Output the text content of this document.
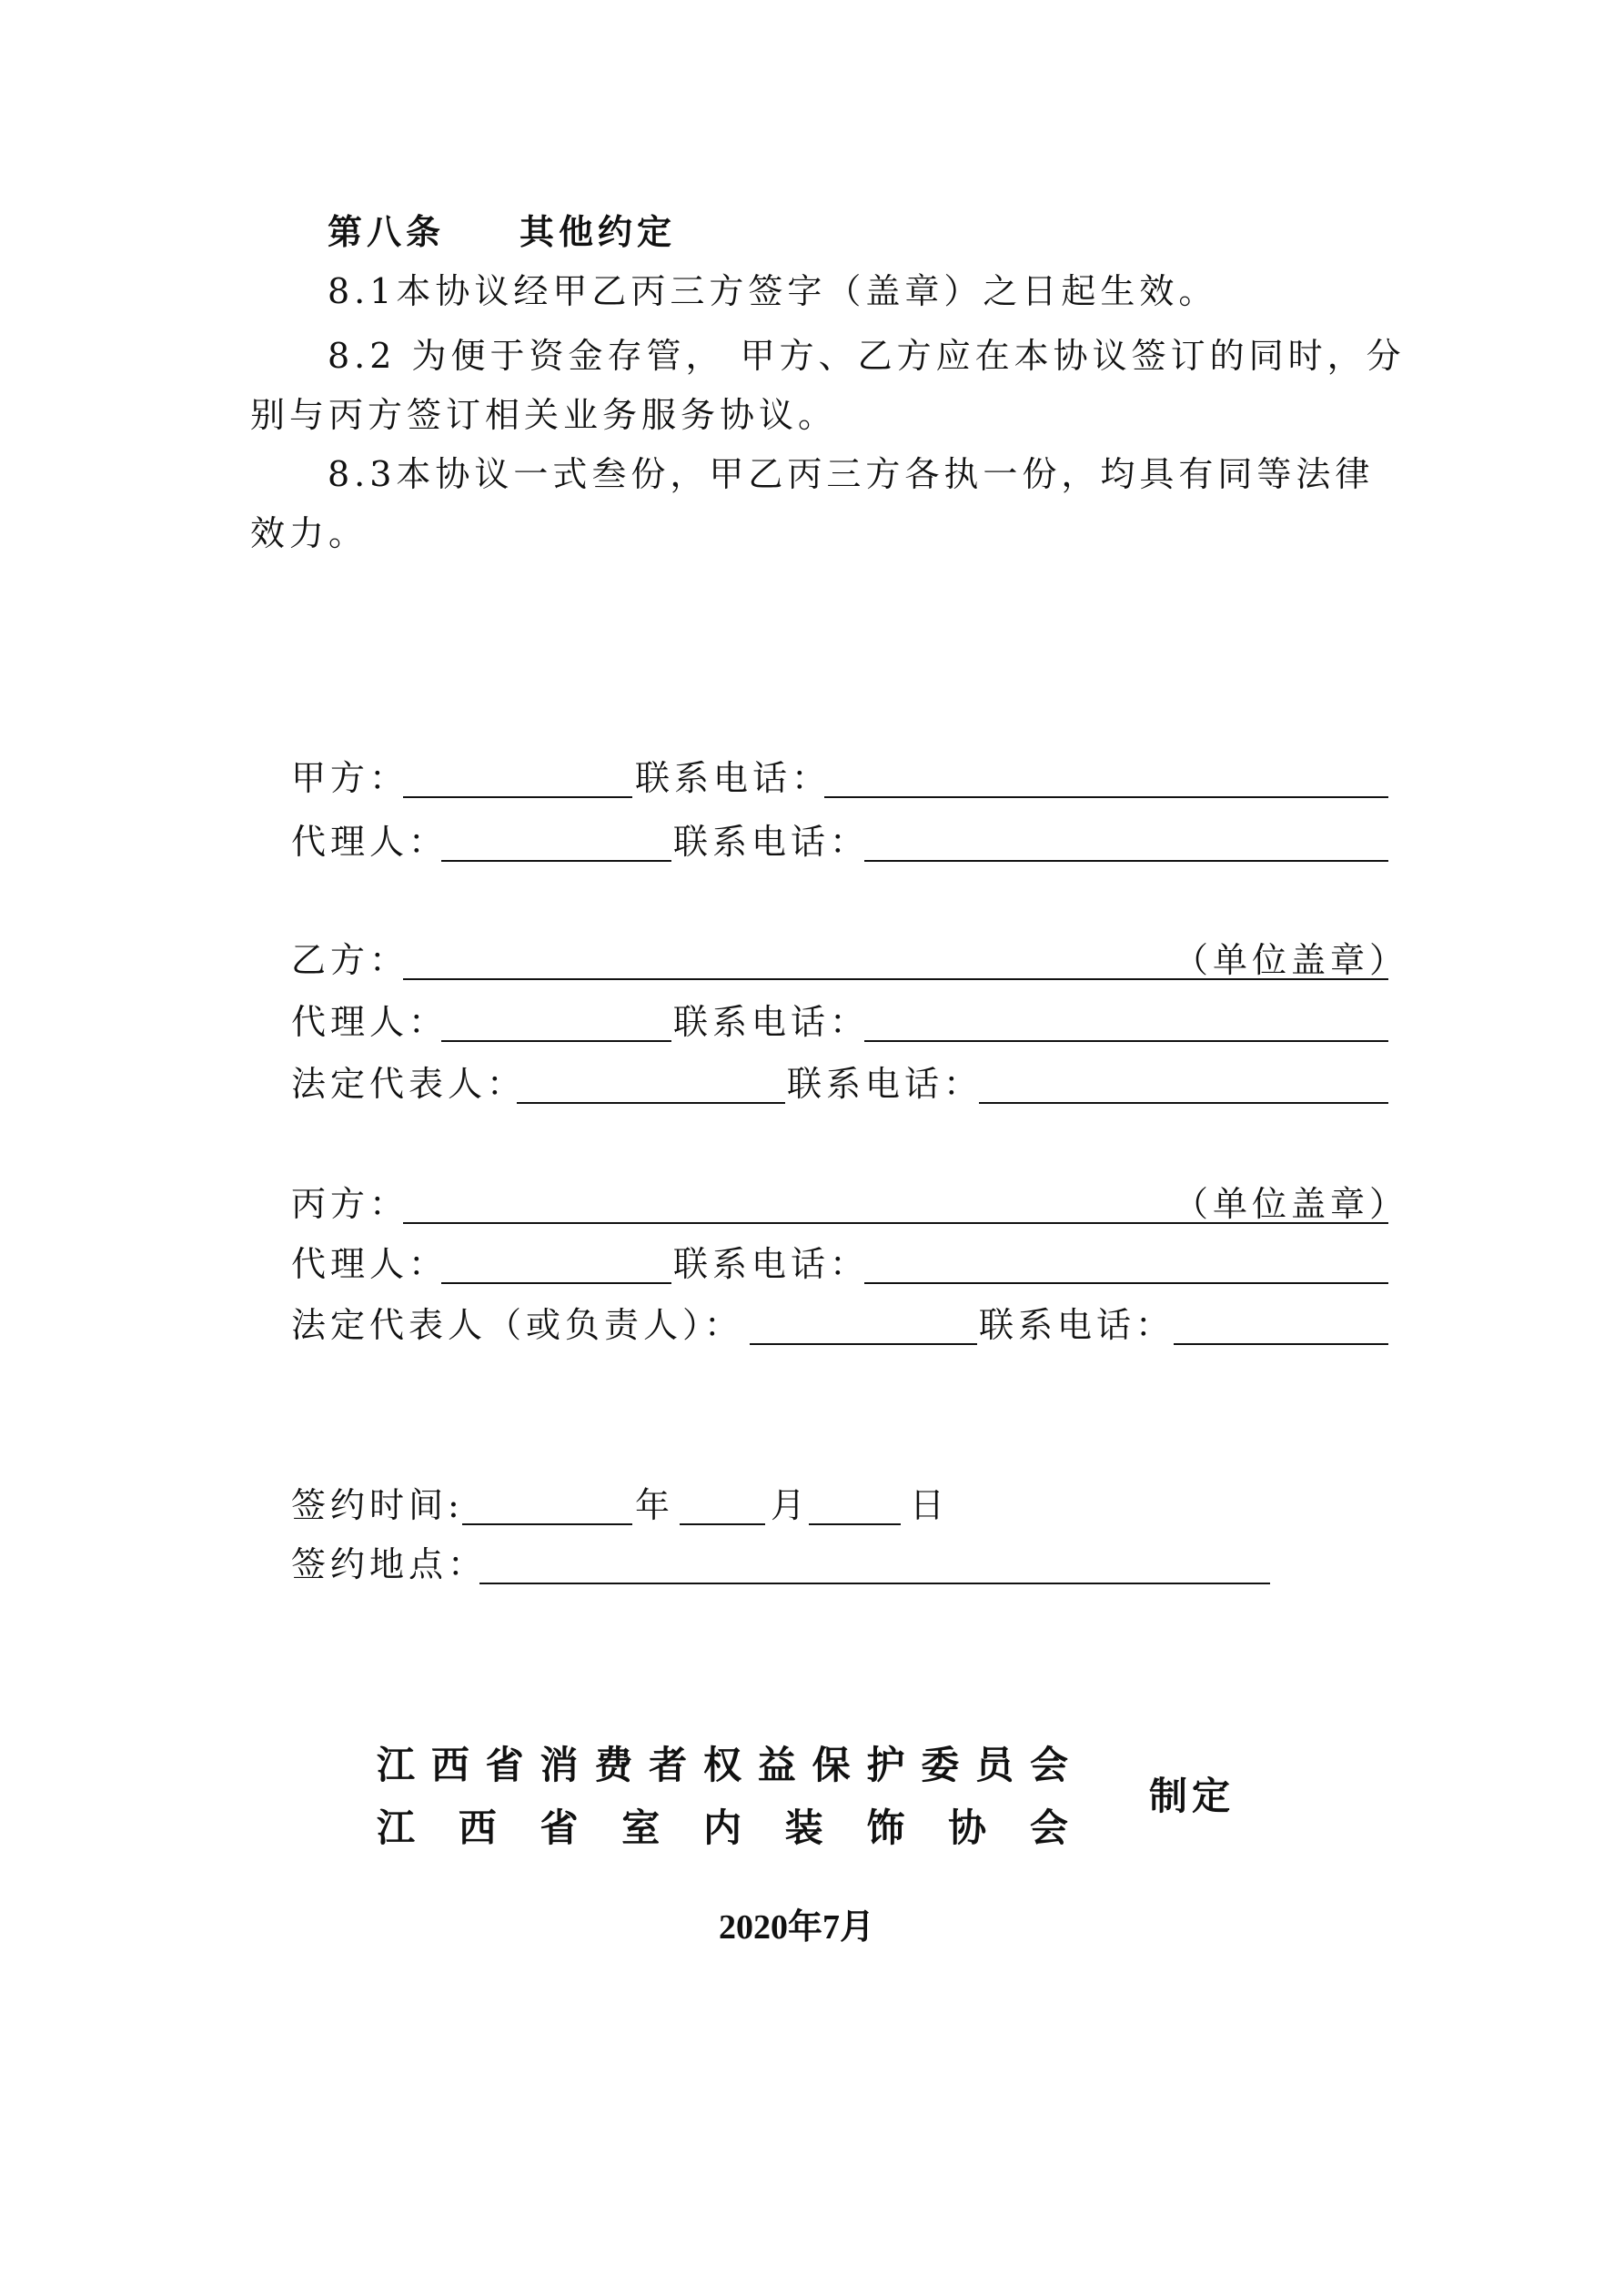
第八条 其他约定
8.1本协议经甲乙丙三方签字（盖章）之日起生效。
8.2 为便于资金存管， 甲方、乙方应在本协议签订的同时，分
别与丙方签订相关业务服务协议。
8.3本协议一式叁份，甲乙丙三方各执一份，均具有同等法律
效力。
甲方：	联系电话：
代理人：	联系电话：
乙方：	（单位盖章）
代理人：	联系电话：
法定代表人：	联系电话：
丙方：	（单位盖章）
代理人：	联系电话：
法定代表人（或负责人）：	联系电话：
签约时间:	年	月	日
签约地点：
江 西 省 消 费 者 权 益 保 护 委 员 会
江 西 省 室 内 装 饰 协 会
制定
2020年7月
